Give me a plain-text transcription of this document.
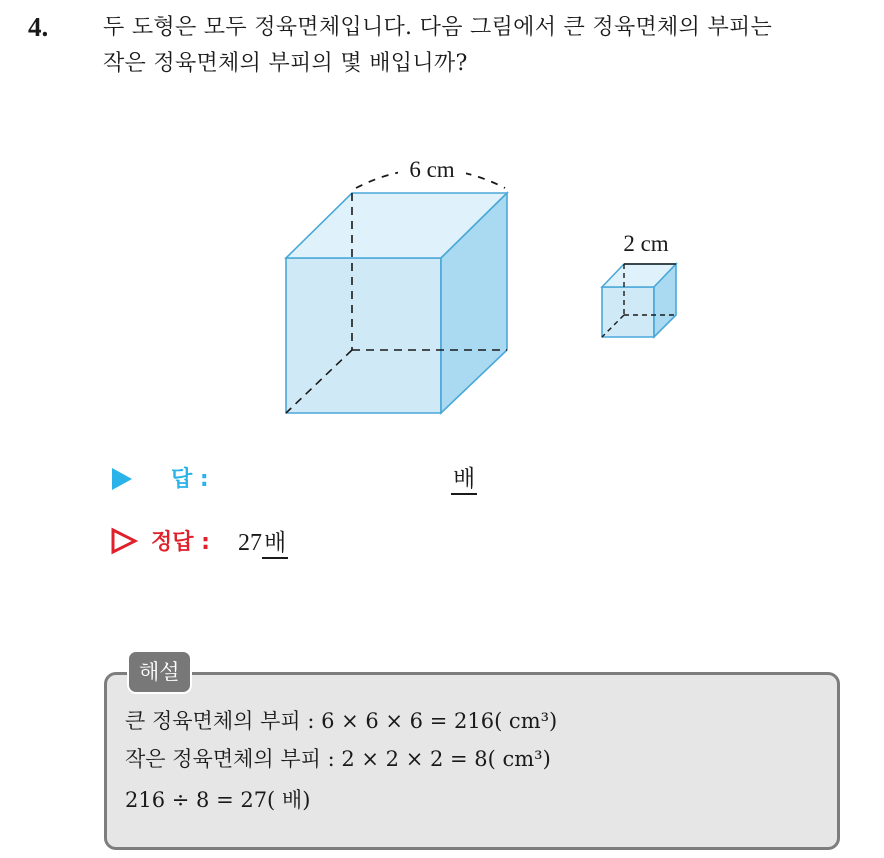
4. 두 도형은 모두 정육면체입니다. 다음 그림에서 큰 정육면체의 부피는
작은 정육면체의 부피의 몇 배입니까?
6 cm
2 cm
답 :	배
정답 : 27배
해설
큰 정육면체의 부피 : 6 × 6 × 6 = 216( cm³)
작은 정육면체의 부피 : 2 × 2 × 2 = 8( cm³)
216 ÷ 8 = 27( 배)
